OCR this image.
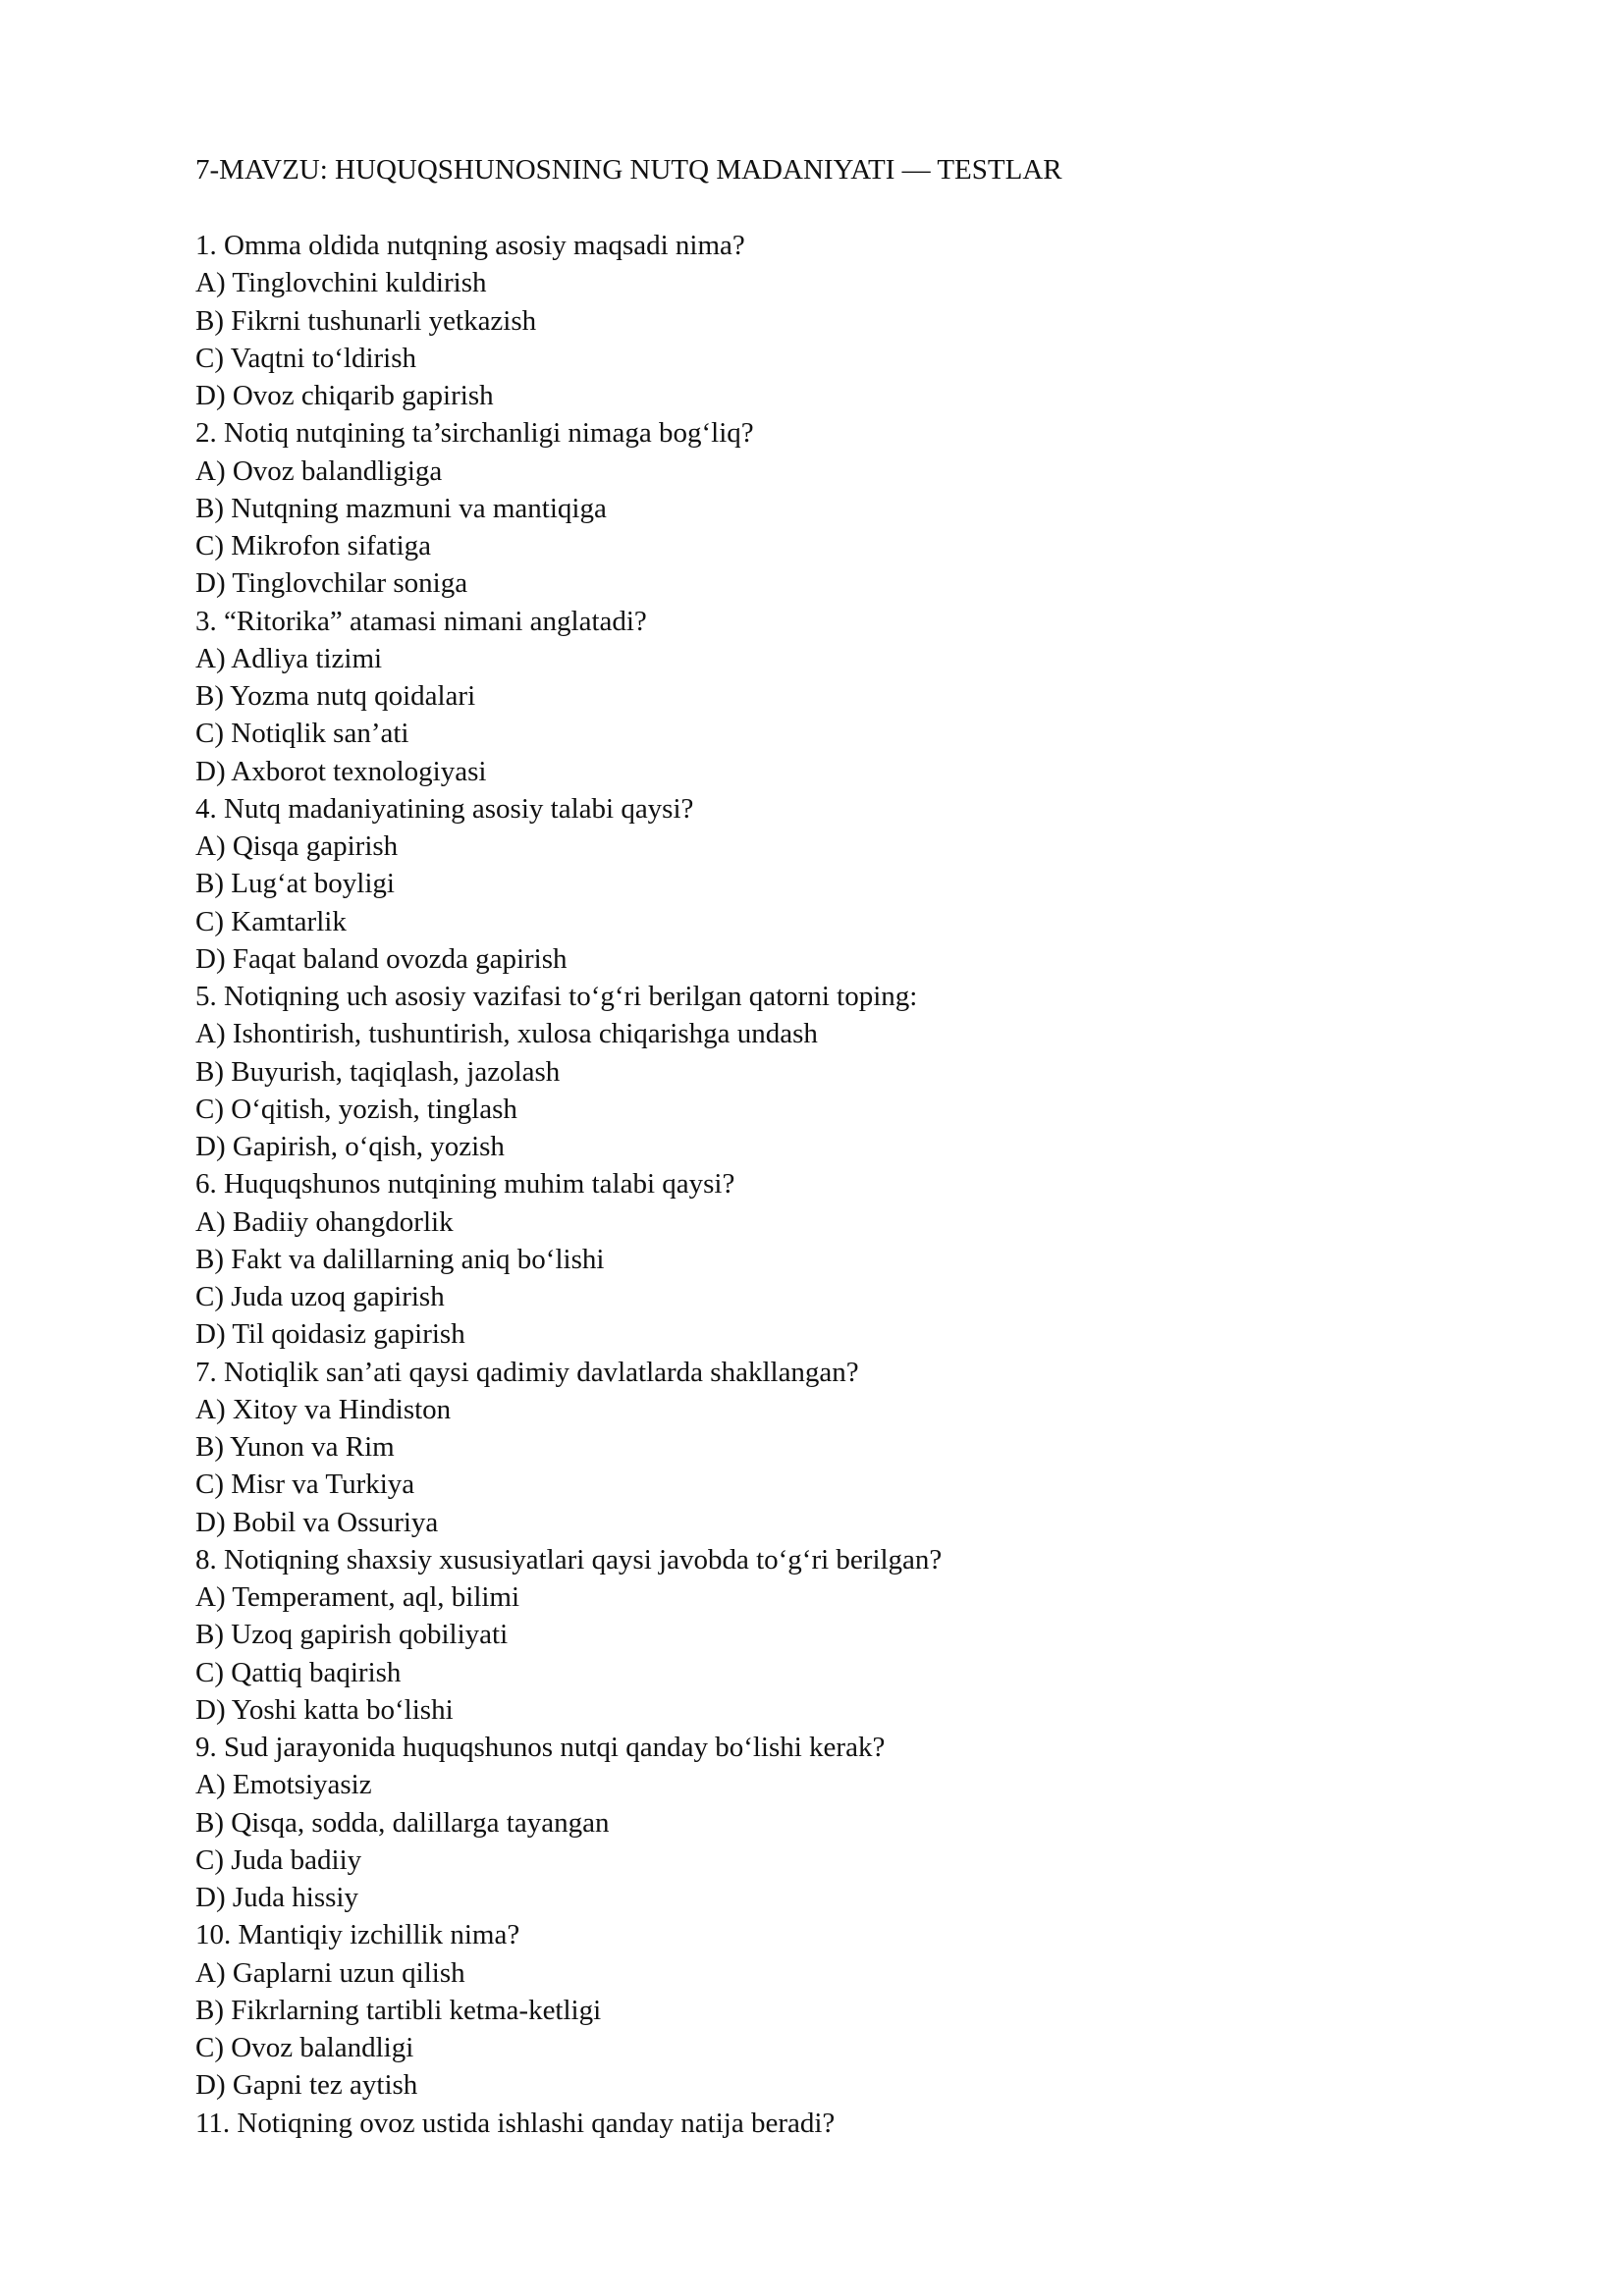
7-MAVZU: HUQUQSHUNOSNING NUTQ MADANIYATI — TESTLAR
1. Omma oldida nutqning asosiy maqsadi nima?
A) Tinglovchini kuldirish
B) Fikrni tushunarli yetkazish
C) Vaqtni to‘ldirish
D) Ovoz chiqarib gapirish
2. Notiq nutqining ta’sirchanligi nimaga bog‘liq?
A) Ovoz balandligiga
B) Nutqning mazmuni va mantiqiga
C) Mikrofon sifatiga
D) Tinglovchilar soniga
3. “Ritorika” atamasi nimani anglatadi?
A) Adliya tizimi
B) Yozma nutq qoidalari
C) Notiqlik san’ati
D) Axborot texnologiyasi
4. Nutq madaniyatining asosiy talabi qaysi?
A) Qisqa gapirish
B) Lug‘at boyligi
C) Kamtarlik
D) Faqat baland ovozda gapirish
5. Notiqning uch asosiy vazifasi to‘g‘ri berilgan qatorni toping:
A) Ishontirish, tushuntirish, xulosa chiqarishga undash
B) Buyurish, taqiqlash, jazolash
C) O‘qitish, yozish, tinglash
D) Gapirish, o‘qish, yozish
6. Huquqshunos nutqining muhim talabi qaysi?
A) Badiiy ohangdorlik
B) Fakt va dalillarning aniq bo‘lishi
C) Juda uzoq gapirish
D) Til qoidasiz gapirish
7. Notiqlik san’ati qaysi qadimiy davlatlarda shakllangan?
A) Xitoy va Hindiston
B) Yunon va Rim
C) Misr va Turkiya
D) Bobil va Ossuriya
8. Notiqning shaxsiy xususiyatlari qaysi javobda to‘g‘ri berilgan?
A) Temperament, aql, bilimi
B) Uzoq gapirish qobiliyati
C) Qattiq baqirish
D) Yoshi katta bo‘lishi
9. Sud jarayonida huquqshunos nutqi qanday bo‘lishi kerak?
A) Emotsiyasiz
B) Qisqa, sodda, dalillarga tayangan
C) Juda badiiy
D) Juda hissiy
10. Mantiqiy izchillik nima?
A) Gaplarni uzun qilish
B) Fikrlarning tartibli ketma-ketligi
C) Ovoz balandligi
D) Gapni tez aytish
11. Notiqning ovoz ustida ishlashi qanday natija beradi?
